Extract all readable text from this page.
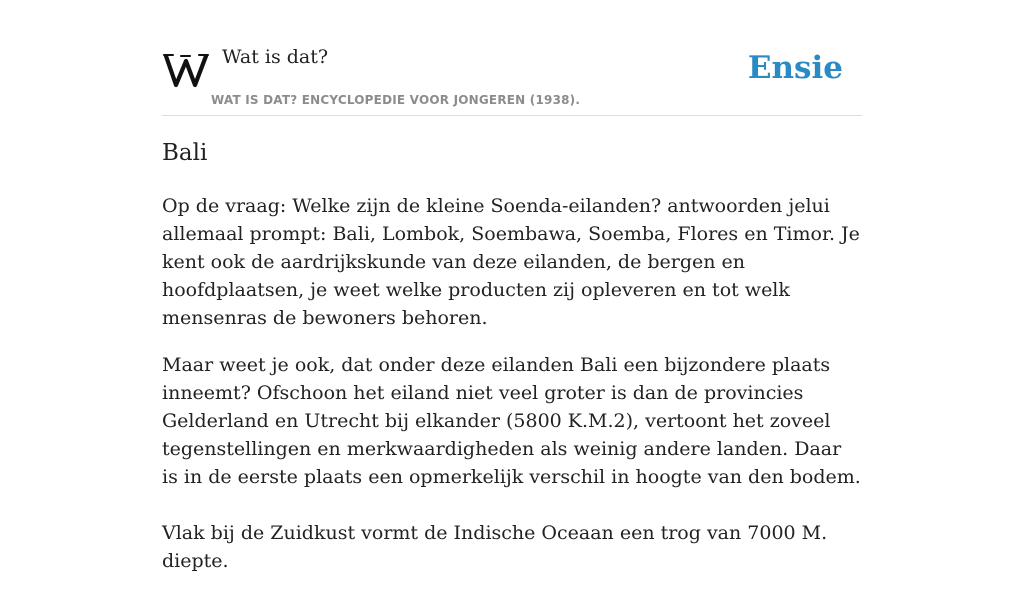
Wat is dat?
WAT IS DAT? ENCYCLOPEDIE VOOR JONGEREN (1938).
Ensie
Bali

Op de vraag: Welke zijn de kleine Soenda-eilanden? antwoorden jelui allemaal prompt: Bali, Lombok, Soembawa, Soemba, Flores en Timor. Je kent ook de aardrijkskunde van deze eilanden, de bergen en hoofdplaatsen, je weet welke producten zij opleveren en tot welk mensenras de bewoners behoren.

Maar weet je ook, dat onder deze eilanden Bali een bijzondere plaats inneemt? Ofschoon het eiland niet veel groter is dan de provincies Gelderland en Utrecht bij elkander (5800 K.M.2), vertoont het zoveel tegenstellingen en merkwaardigheden als weinig andere landen. Daar is in de eerste plaats een opmerkelijk verschil in hoogte van den bodem.

Vlak bij de Zuidkust vormt de Indische Oceaan een trog van 7000 M. diepte.
